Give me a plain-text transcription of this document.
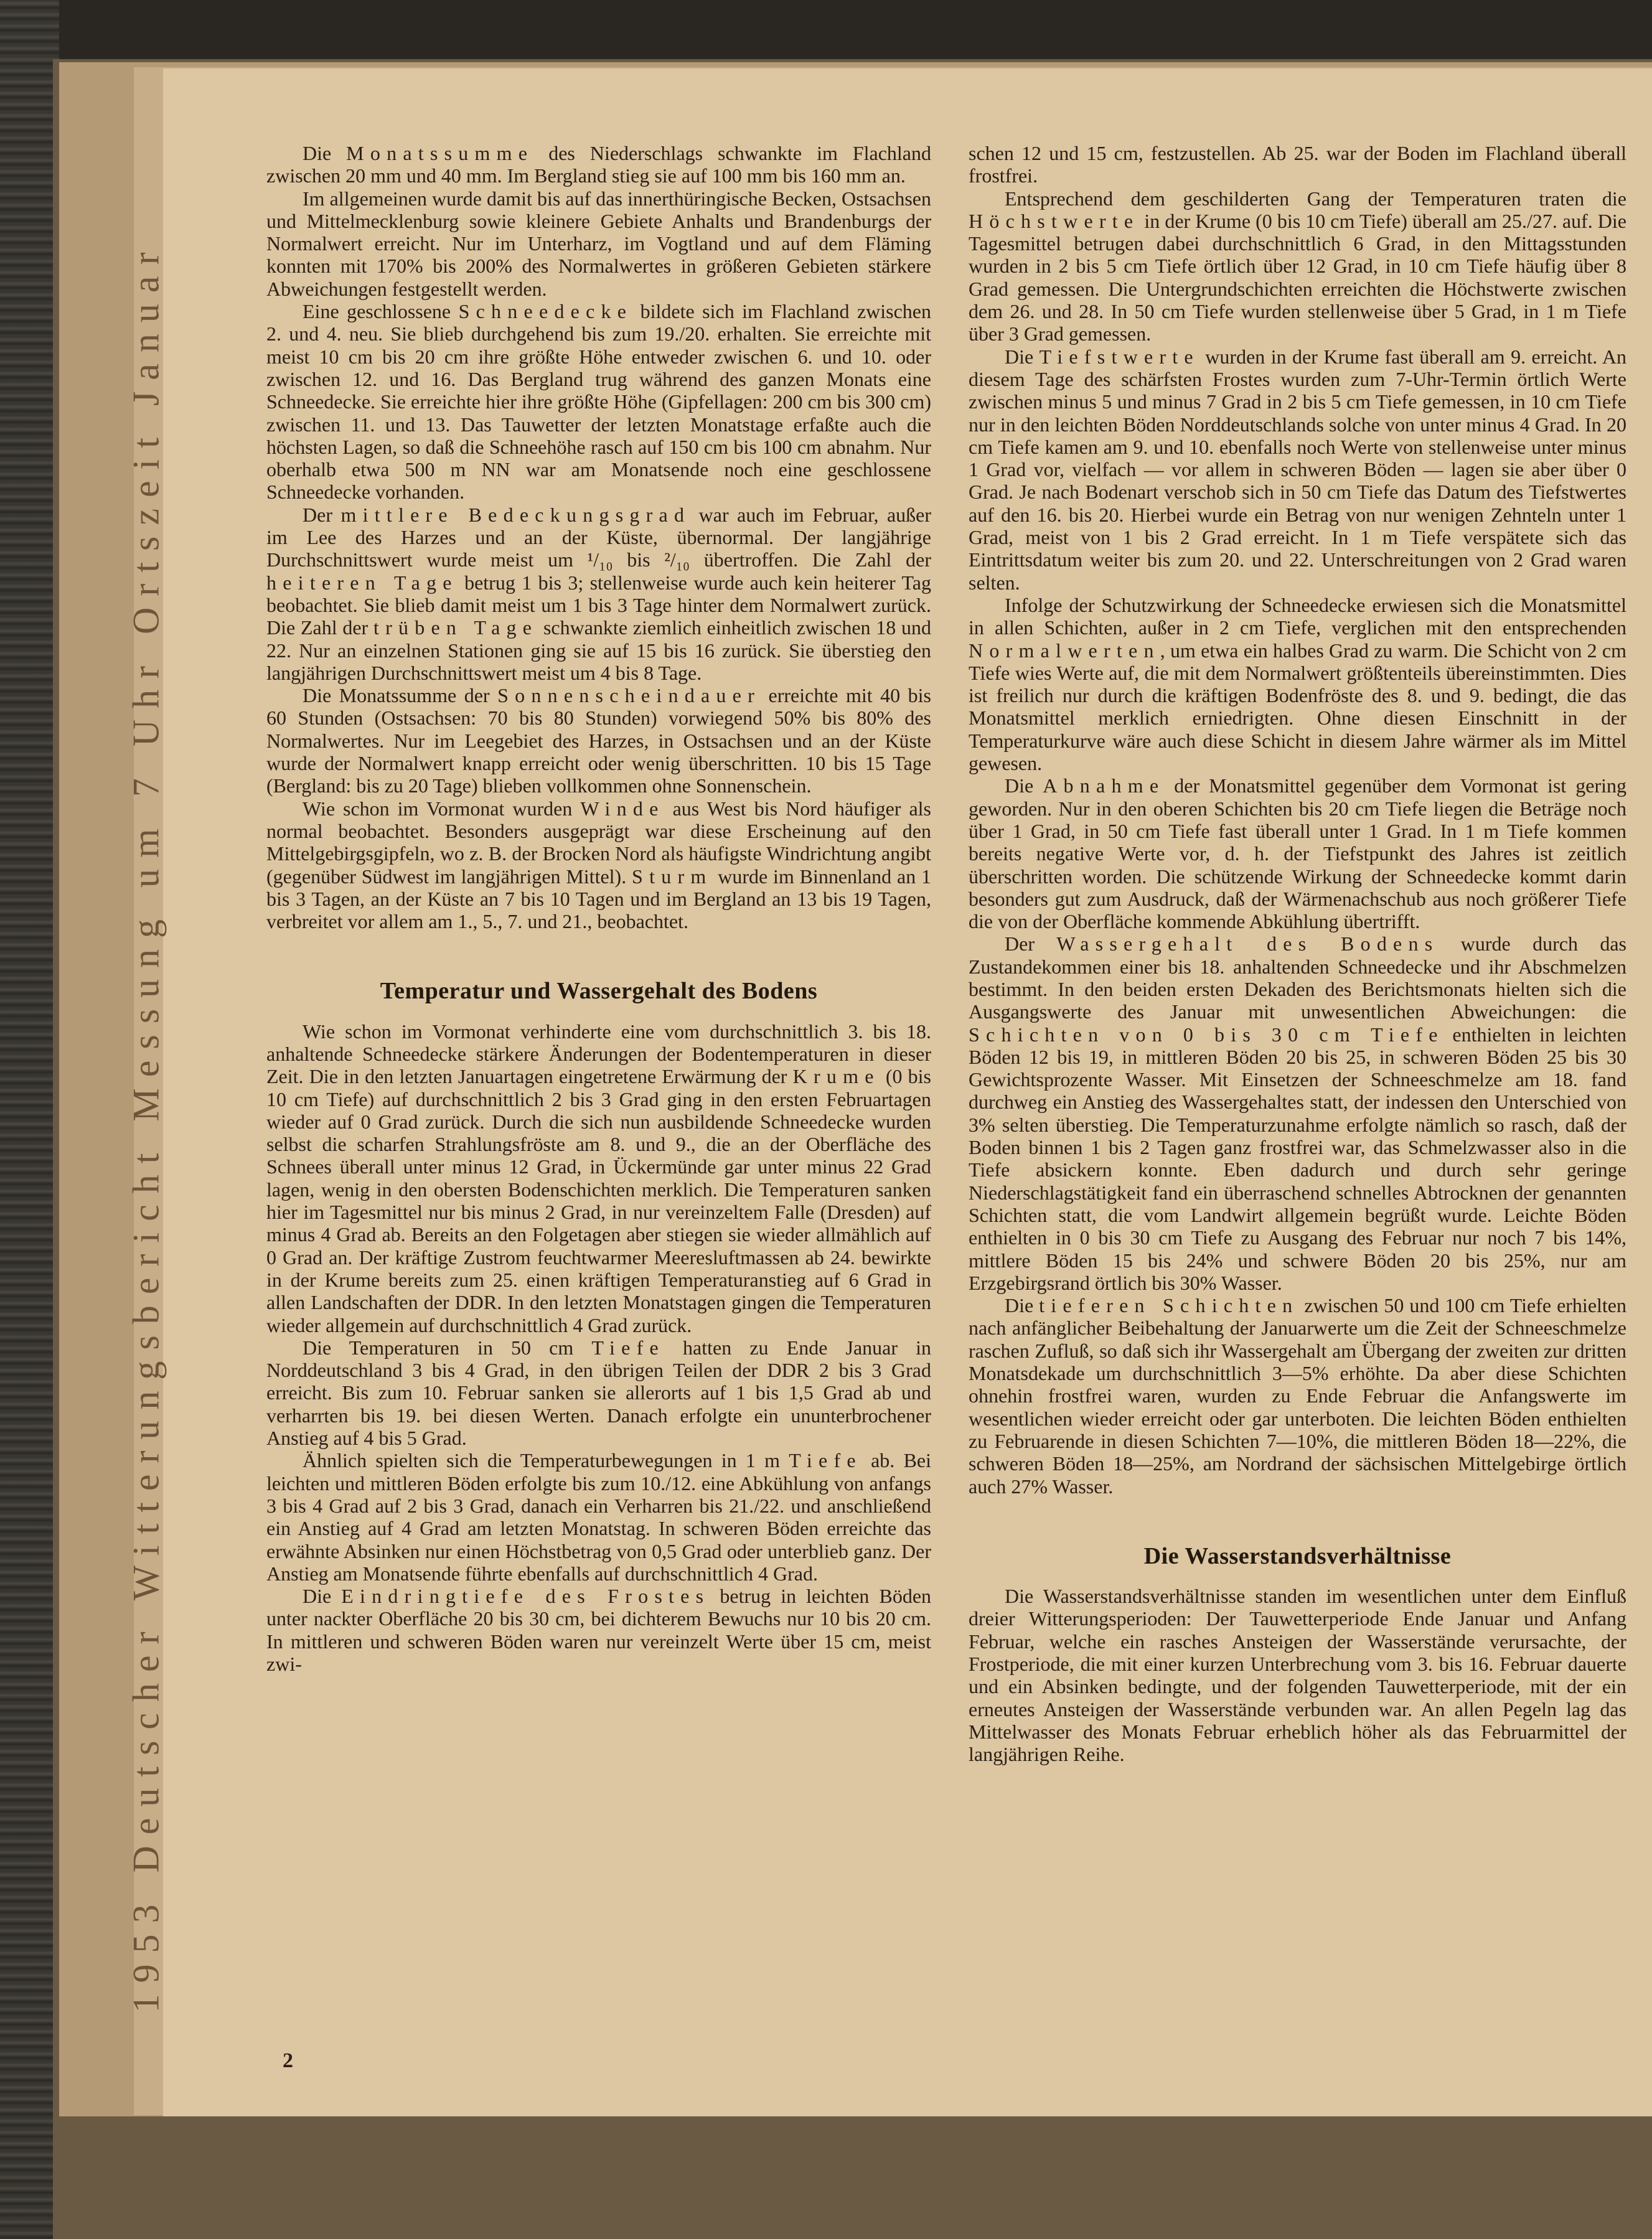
1953 Deutscher Witterungsbericht Messung um 7 Uhr Ortszeit Januar

Die Monatssumme des Niederschlags schwankte im Flachland zwischen 20 mm und 40 mm. Im Bergland stieg sie auf 100 mm bis 160 mm an.

Im allgemeinen wurde damit bis auf das innerthüringische Becken, Ostsachsen und Mittelmecklenburg sowie kleinere Gebiete Anhalts und Brandenburgs der Normalwert erreicht. Nur im Unterharz, im Vogtland und auf dem Fläming konnten mit 170% bis 200% des Normalwertes in größeren Gebieten stärkere Abweichungen festgestellt werden.

Eine geschlossene Schneedecke bildete sich im Flachland zwischen 2. und 4. neu. Sie blieb durchgehend bis zum 19./20. erhalten. Sie erreichte mit meist 10 cm bis 20 cm ihre größte Höhe entweder zwischen 6. und 10. oder zwischen 12. und 16. Das Bergland trug während des ganzen Monats eine Schneedecke. Sie erreichte hier ihre größte Höhe (Gipfellagen: 200 cm bis 300 cm) zwischen 11. und 13. Das Tauwetter der letzten Monatstage erfaßte auch die höchsten Lagen, so daß die Schneehöhe rasch auf 150 cm bis 100 cm abnahm. Nur oberhalb etwa 500 m NN war am Monatsende noch eine geschlossene Schneedecke vorhanden.

Der mittlere Bedeckungsgrad war auch im Februar, außer im Lee des Harzes und an der Küste, übernormal. Der langjährige Durchschnittswert wurde meist um ¹/₁₀ bis ²/₁₀ übertroffen. Die Zahl der heiteren Tage betrug 1 bis 3; stellenweise wurde auch kein heiterer Tag beobachtet. Sie blieb damit meist um 1 bis 3 Tage hinter dem Normalwert zurück. Die Zahl der trüben Tage schwankte ziemlich einheitlich zwischen 18 und 22. Nur an einzelnen Stationen ging sie auf 15 bis 16 zurück. Sie überstieg den langjährigen Durchschnittswert meist um 4 bis 8 Tage.

Die Monatssumme der Sonnenscheindauer erreichte mit 40 bis 60 Stunden (Ostsachsen: 70 bis 80 Stunden) vorwiegend 50% bis 80% des Normalwertes. Nur im Leegebiet des Harzes, in Ostsachsen und an der Küste wurde der Normalwert knapp erreicht oder wenig überschritten. 10 bis 15 Tage (Bergland: bis zu 20 Tage) blieben vollkommen ohne Sonnenschein.

Wie schon im Vormonat wurden Winde aus West bis Nord häufiger als normal beobachtet. Besonders ausgeprägt war diese Erscheinung auf den Mittelgebirgsgipfeln, wo z. B. der Brocken Nord als häufigste Windrichtung angibt (gegenüber Südwest im langjährigen Mittel). Sturm wurde im Binnenland an 1 bis 3 Tagen, an der Küste an 7 bis 10 Tagen und im Bergland an 13 bis 19 Tagen, verbreitet vor allem am 1., 5., 7. und 21., beobachtet.

Temperatur und Wassergehalt des Bodens

Wie schon im Vormonat verhinderte eine vom durchschnittlich 3. bis 18. anhaltende Schneedecke stärkere Änderungen der Bodentemperaturen in dieser Zeit. Die in den letzten Januartagen eingetretene Erwärmung der Krume (0 bis 10 cm Tiefe) auf durchschnittlich 2 bis 3 Grad ging in den ersten Februartagen wieder auf 0 Grad zurück. Durch die sich nun ausbildende Schneedecke wurden selbst die scharfen Strahlungsfröste am 8. und 9., die an der Oberfläche des Schnees überall unter minus 12 Grad, in Ückermünde gar unter minus 22 Grad lagen, wenig in den obersten Bodenschichten merklich. Die Temperaturen sanken hier im Tagesmittel nur bis minus 2 Grad, in nur vereinzeltem Falle (Dresden) auf minus 4 Grad ab. Bereits an den Folgetagen aber stiegen sie wieder allmählich auf 0 Grad an. Der kräftige Zustrom feuchtwarmer Meeresluftmassen ab 24. bewirkte in der Krume bereits zum 25. einen kräftigen Temperaturanstieg auf 6 Grad in allen Landschaften der DDR. In den letzten Monatstagen gingen die Temperaturen wieder allgemein auf durchschnittlich 4 Grad zurück.

Die Temperaturen in 50 cm Tiefe hatten zu Ende Januar in Norddeutschland 3 bis 4 Grad, in den übrigen Teilen der DDR 2 bis 3 Grad erreicht. Bis zum 10. Februar sanken sie allerorts auf 1 bis 1,5 Grad ab und verharrten bis 19. bei diesen Werten. Danach erfolgte ein ununterbrochener Anstieg auf 4 bis 5 Grad.

Ähnlich spielten sich die Temperaturbewegungen in 1 m Tiefe ab. Bei leichten und mittleren Böden erfolgte bis zum 10./12. eine Abkühlung von anfangs 3 bis 4 Grad auf 2 bis 3 Grad, danach ein Verharren bis 21./22. und anschließend ein Anstieg auf 4 Grad am letzten Monatstag. In schweren Böden erreichte das erwähnte Absinken nur einen Höchstbetrag von 0,5 Grad oder unterblieb ganz. Der Anstieg am Monatsende führte ebenfalls auf durchschnittlich 4 Grad.

Die Eindringtiefe des Frostes betrug in leichten Böden unter nackter Oberfläche 20 bis 30 cm, bei dichterem Bewuchs nur 10 bis 20 cm. In mittleren und schweren Böden waren nur vereinzelt Werte über 15 cm, meist zwi-

schen 12 und 15 cm, festzustellen. Ab 25. war der Boden im Flachland überall frostfrei.

Entsprechend dem geschilderten Gang der Temperaturen traten die Höchstwerte in der Krume (0 bis 10 cm Tiefe) überall am 25./27. auf. Die Tagesmittel betrugen dabei durchschnittlich 6 Grad, in den Mittagsstunden wurden in 2 bis 5 cm Tiefe örtlich über 12 Grad, in 10 cm Tiefe häufig über 8 Grad gemessen. Die Untergrundschichten erreichten die Höchstwerte zwischen dem 26. und 28. In 50 cm Tiefe wurden stellenweise über 5 Grad, in 1 m Tiefe über 3 Grad gemessen.

Die Tiefstwerte wurden in der Krume fast überall am 9. erreicht. An diesem Tage des schärfsten Frostes wurden zum 7-Uhr-Termin örtlich Werte zwischen minus 5 und minus 7 Grad in 2 bis 5 cm Tiefe gemessen, in 10 cm Tiefe nur in den leichten Böden Norddeutschlands solche von unter minus 4 Grad. In 20 cm Tiefe kamen am 9. und 10. ebenfalls noch Werte von stellenweise unter minus 1 Grad vor, vielfach — vor allem in schweren Böden — lagen sie aber über 0 Grad. Je nach Bodenart verschob sich in 50 cm Tiefe das Datum des Tiefstwertes auf den 16. bis 20. Hierbei wurde ein Betrag von nur wenigen Zehnteln unter 1 Grad, meist von 1 bis 2 Grad erreicht. In 1 m Tiefe verspätete sich das Eintrittsdatum weiter bis zum 20. und 22. Unterschreitungen von 2 Grad waren selten.

Infolge der Schutzwirkung der Schneedecke erwiesen sich die Monatsmittel in allen Schichten, außer in 2 cm Tiefe, verglichen mit den entsprechenden Normalwerten, um etwa ein halbes Grad zu warm. Die Schicht von 2 cm Tiefe wies Werte auf, die mit dem Normalwert größtenteils übereinstimmten. Dies ist freilich nur durch die kräftigen Bodenfröste des 8. und 9. bedingt, die das Monatsmittel merklich erniedrigten. Ohne diesen Einschnitt in der Temperaturkurve wäre auch diese Schicht in diesem Jahre wärmer als im Mittel gewesen.

Die Abnahme der Monatsmittel gegenüber dem Vormonat ist gering geworden. Nur in den oberen Schichten bis 20 cm Tiefe liegen die Beträge noch über 1 Grad, in 50 cm Tiefe fast überall unter 1 Grad. In 1 m Tiefe kommen bereits negative Werte vor, d. h. der Tiefstpunkt des Jahres ist zeitlich überschritten worden. Die schützende Wirkung der Schneedecke kommt darin besonders gut zum Ausdruck, daß der Wärmenachschub aus noch größerer Tiefe die von der Oberfläche kommende Abkühlung übertrifft.

Der Wassergehalt des Bodens wurde durch das Zustandekommen einer bis 18. anhaltenden Schneedecke und ihr Abschmelzen bestimmt. In den beiden ersten Dekaden des Berichtsmonats hielten sich die Ausgangswerte des Januar mit unwesentlichen Abweichungen: die Schichten von 0 bis 30 cm Tiefe enthielten in leichten Böden 12 bis 19, in mittleren Böden 20 bis 25, in schweren Böden 25 bis 30 Gewichtsprozente Wasser. Mit Einsetzen der Schneeschmelze am 18. fand durchweg ein Anstieg des Wassergehaltes statt, der indessen den Unterschied von 3% selten überstieg. Die Temperaturzunahme erfolgte nämlich so rasch, daß der Boden binnen 1 bis 2 Tagen ganz frostfrei war, das Schmelzwasser also in die Tiefe absickern konnte. Eben dadurch und durch sehr geringe Niederschlagstätigkeit fand ein überraschend schnelles Abtrocknen der genannten Schichten statt, die vom Landwirt allgemein begrüßt wurde. Leichte Böden enthielten in 0 bis 30 cm Tiefe zu Ausgang des Februar nur noch 7 bis 14%, mittlere Böden 15 bis 24% und schwere Böden 20 bis 25%, nur am Erzgebirgsrand örtlich bis 30% Wasser.

Die tieferen Schichten zwischen 50 und 100 cm Tiefe erhielten nach anfänglicher Beibehaltung der Januarwerte um die Zeit der Schneeschmelze raschen Zufluß, so daß sich ihr Wassergehalt am Übergang der zweiten zur dritten Monatsdekade um durchschnittlich 3—5% erhöhte. Da aber diese Schichten ohnehin frostfrei waren, wurden zu Ende Februar die Anfangswerte im wesentlichen wieder erreicht oder gar unterboten. Die leichten Böden enthielten zu Februarende in diesen Schichten 7—10%, die mittleren Böden 18—22%, die schweren Böden 18—25%, am Nordrand der sächsischen Mittelgebirge örtlich auch 27% Wasser.

Die Wasserstandsverhältnisse

Die Wasserstandsverhältnisse standen im wesentlichen unter dem Einfluß dreier Witterungsperioden: Der Tauwetterperiode Ende Januar und Anfang Februar, welche ein rasches Ansteigen der Wasserstände verursachte, der Frostperiode, die mit einer kurzen Unterbrechung vom 3. bis 16. Februar dauerte und ein Absinken bedingte, und der folgenden Tauwetterperiode, mit der ein erneutes Ansteigen der Wasserstände verbunden war. An allen Pegeln lag das Mittelwasser des Monats Februar erheblich höher als das Februarmittel der langjährigen Reihe.

2
